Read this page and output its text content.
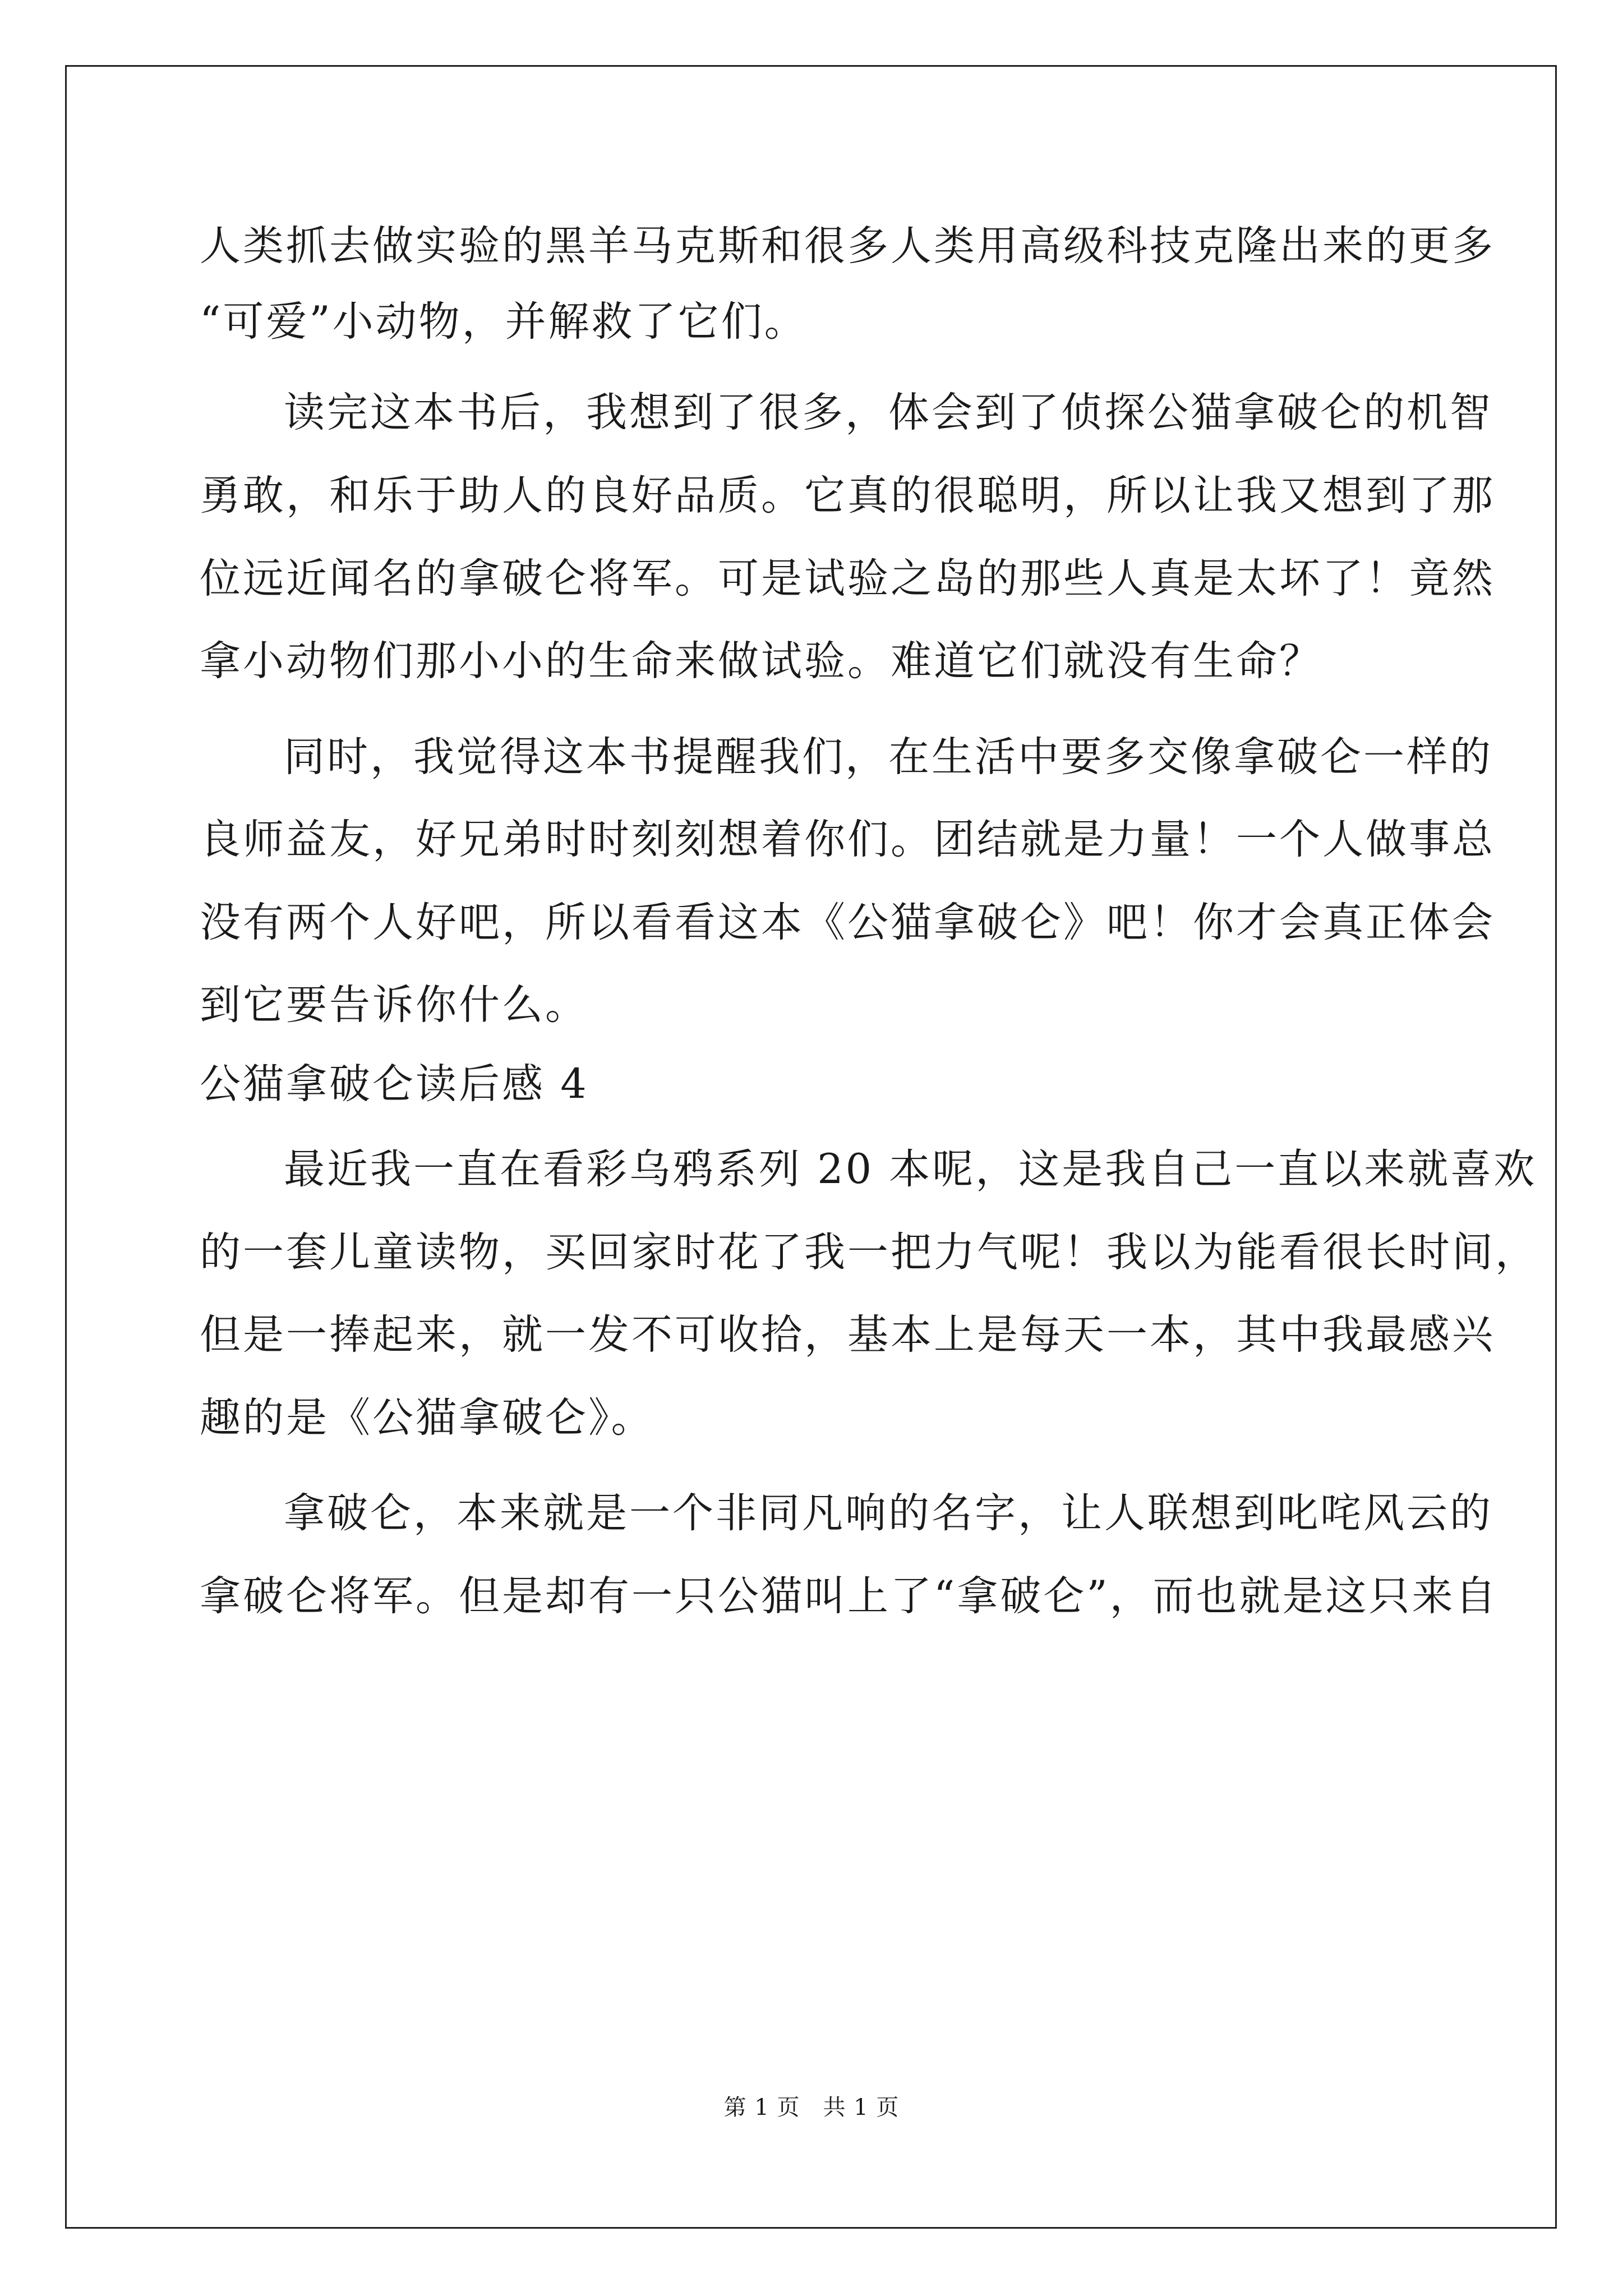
人类抓去做实验的黑羊马克斯和很多人类用高级科技克隆出来的更多
“可爱”小动物，并解救了它们。
读完这本书后，我想到了很多，体会到了侦探公猫拿破仑的机智
勇敢，和乐于助人的良好品质。它真的很聪明，所以让我又想到了那
位远近闻名的拿破仑将军。可是试验之岛的那些人真是太坏了！竟然
拿小动物们那小小的生命来做试验。难道它们就没有生命？
同时，我觉得这本书提醒我们，在生活中要多交像拿破仑一样的
良师益友，好兄弟时时刻刻想着你们。团结就是力量！一个人做事总
没有两个人好吧，所以看看这本《公猫拿破仑》吧！你才会真正体会
到它要告诉你什么。
公猫拿破仑读后感 4
最近我一直在看彩乌鸦系列 20 本呢，这是我自己一直以来就喜欢
的一套儿童读物，买回家时花了我一把力气呢！我以为能看很长时间，
但是一捧起来，就一发不可收拾，基本上是每天一本，其中我最感兴
趣的是《公猫拿破仑》。
拿破仑，本来就是一个非同凡响的名字，让人联想到叱咤风云的
拿破仑将军。但是却有一只公猫叫上了“拿破仑”，而也就是这只来自
第 1 页　共 1 页
